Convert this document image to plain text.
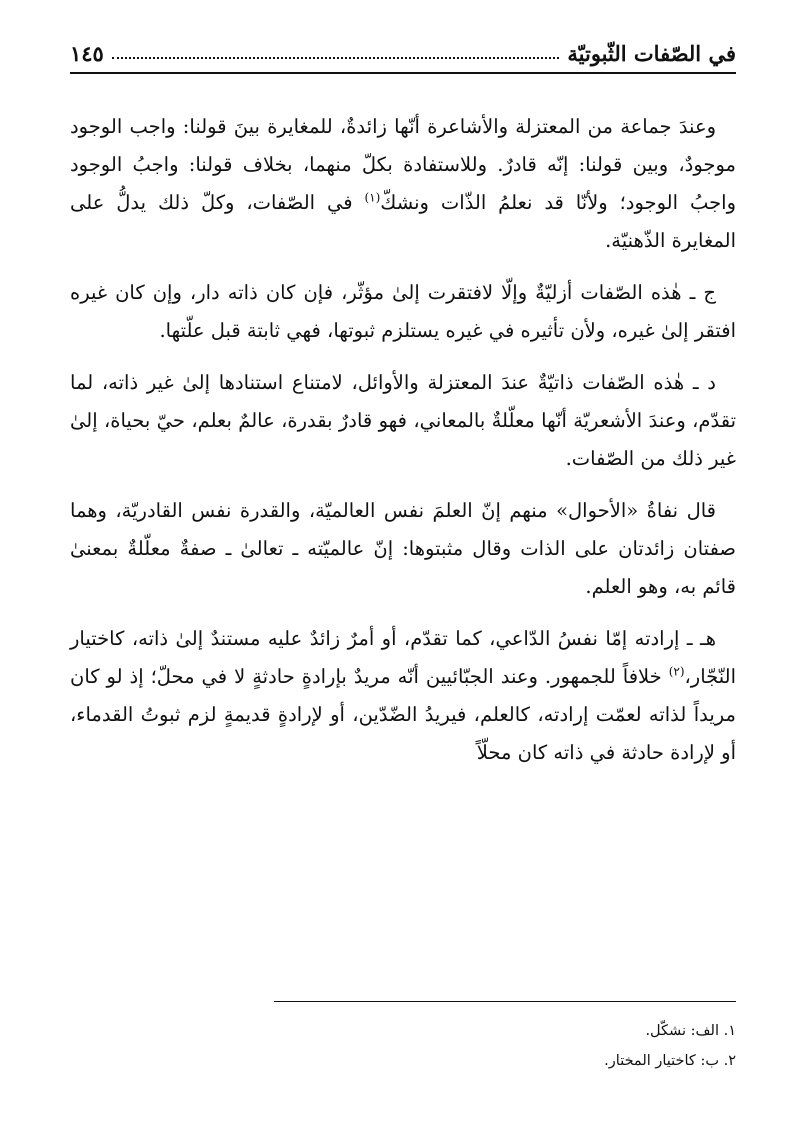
في الصّفات الثّبوتيّة
١٤٥

وعندَ جماعة من المعتزلة والأشاعرة أنّها زائدةٌ، للمغايرة بينَ قولنا: واجب الوجود موجودٌ، وبين قولنا: إنّه قادرٌ. وللاستفادة بكلّ منهما، بخلاف قولنا: واجبُ الوجود واجبُ الوجود؛ ولأنّا قد نعلمُ الذّات ونشكّ$^{(١)}$ في الصّفات، وكلّ ذلك يدلُّ على المغايرة الذّهنيّة.

ج ـ هٰذه الصّفات أزليّةٌ وإلّا لافتقرت إلىٰ مؤثّر، فإن كان ذاته دار، وإن كان غيره افتقر إلىٰ غيره، ولأن تأثيره في غيره يستلزم ثبوتها، فهي ثابتة قبل علّتها.

د ـ هٰذه الصّفات ذاتيّةٌ عندَ المعتزلة والأوائل، لامتناع استنادها إلىٰ غير ذاته، لما تقدّم، وعندَ الأشعريّة أنّها معلّلةٌ بالمعاني، فهو قادرٌ بقدرة، عالمٌ بعلم، حيّ بحياة، إلىٰ غير ذلك من الصّفات.

قال نفاةُ «الأحوال» منهم إنّ العلمَ نفس العالميّة، والقدرة نفس القادريّة، وهما صفتان زائدتان على الذات وقال مثبتوها: إنّ عالميّته ـ تعالىٰ ـ صفةٌ معلّلةٌ بمعنىٰ قائم به، وهو العلم.

هـ ـ إرادته إمّا نفسُ الدّاعي، كما تقدّم، أو أمرٌ زائدٌ عليه مستندٌ إلىٰ ذاته، كاختيار النّجّار،$^{(٢)}$ خلافاً للجمهور. وعند الجبّائيين أنّه مريدٌ بإرادةٍ حادثةٍ لا في محلّ؛ إذ لو كان مريداً لذاته لعمّت إرادته، كالعلم، فيريدُ الضّدّين، أو لإرادةٍ قديمةٍ لزم ثبوتُ القدماء، أو لإرادة حادثة في ذاته كان محلّاً

١. الف: نشكّل.
٢. ب: كاختيار المختار.
